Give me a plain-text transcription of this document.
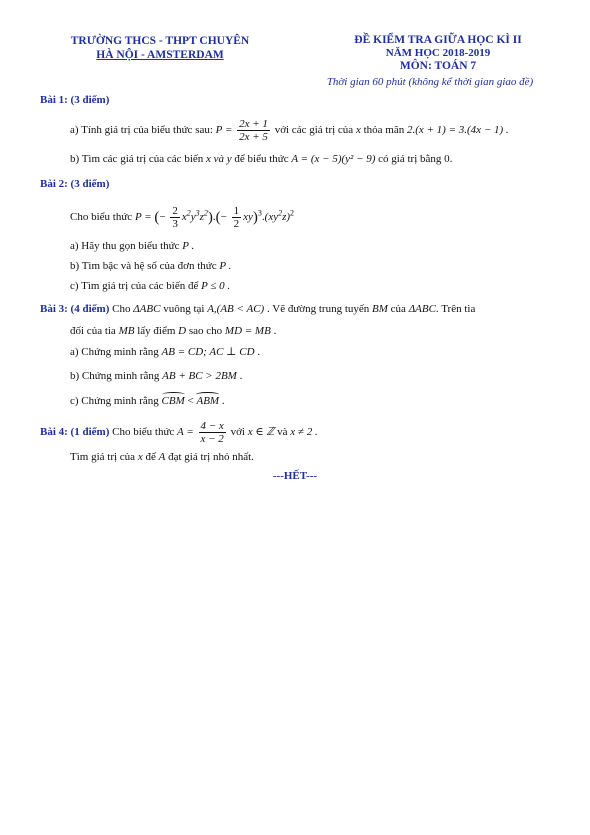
TRƯỜNG THCS - THPT CHUYÊN
HÀ NỘI - AMSTERDAM
ĐỀ KIỂM TRA GIỮA HỌC KÌ II
NĂM HỌC 2018-2019
MÔN: TOÁN 7
Thời gian 60 phút (không kể thời gian giao đề)
Bài 1: (3 điểm)
a) Tính giá trị của biểu thức sau: $P = \frac{2x + 1}{2x + 5}$ với các giá trị của x thỏa mãn 2.(x + 1) = 3.(4x − 1) .
b) Tìm các giá trị của các biến x và y để biểu thức A = (x − 5)(y² − 9) có giá trị bằng 0.
Bài 2: (3 điểm)
Cho biểu thức P = (− $\frac{2}{3} x^2y^3z^2).(- \frac{1}{2} xy)^3.(xy^2z)^2$
a) Hãy thu gọn biểu thức P .
b) Tìm bậc và hệ số của đơn thức P .
c) Tìm giá trị của các biến để P ≤ 0 .
Bài 3: (4 điểm) Cho ΔABC vuông tại A,(AB < AC) . Vẽ đường trung tuyến BM của ΔABC. Trên tia
đối của tia MB lấy điểm D sao cho MD = MB .
a) Chứng minh rằng AB = CD; AC ⊥ CD .
b) Chứng minh rằng AB + BC > 2BM .
c) Chứng minh rằng CBM < ABM .
Bài 4: (1 điểm) Cho biểu thức $A = \frac{4 - x}{x - 2}$ với x ∈ ℤ và x ≠ 2 .
Tìm giá trị của x để A đạt giá trị nhỏ nhất.
---HẾT---
